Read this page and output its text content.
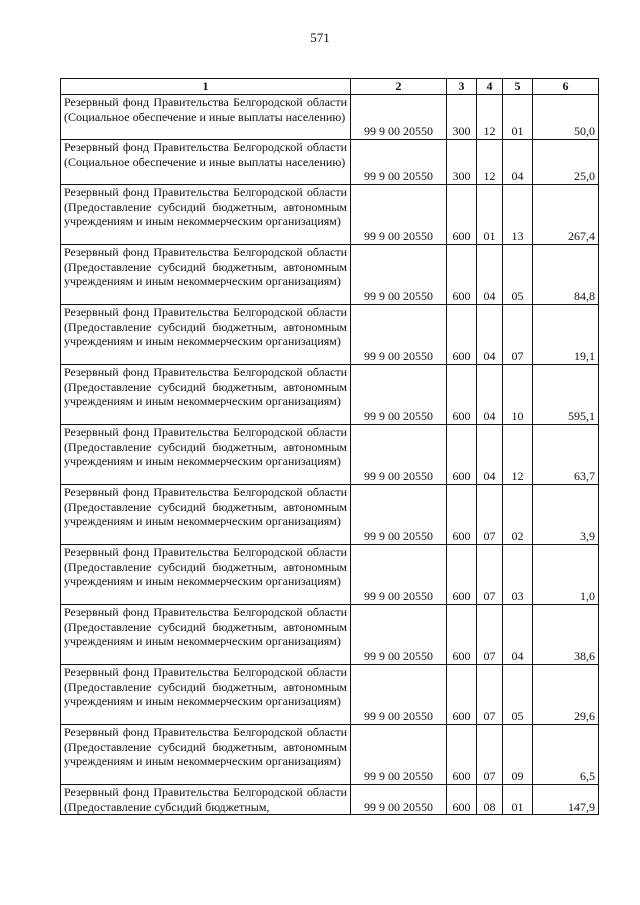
571
1	2	3	4	5	6
Резервный фонд Правительства Белгородской области (Социальное обеспечение и иные выплаты населению)	99 9 00 20550	300	12	01	50,0
Резервный фонд Правительства Белгородской области (Социальное обеспечение и иные выплаты населению)	99 9 00 20550	300	12	04	25,0
Резервный фонд Правительства Белгородской области (Предоставление субсидий бюджетным, автономным учреждениям и иным некоммерческим организациям)	99 9 00 20550	600	01	13	267,4
Резервный фонд Правительства Белгородской области (Предоставление субсидий бюджетным, автономным учреждениям и иным некоммерческим организациям)	99 9 00 20550	600	04	05	84,8
Резервный фонд Правительства Белгородской области (Предоставление субсидий бюджетным, автономным учреждениям и иным некоммерческим организациям)	99 9 00 20550	600	04	07	19,1
Резервный фонд Правительства Белгородской области (Предоставление субсидий бюджетным, автономным учреждениям и иным некоммерческим организациям)	99 9 00 20550	600	04	10	595,1
Резервный фонд Правительства Белгородской области (Предоставление субсидий бюджетным, автономным учреждениям и иным некоммерческим организациям)	99 9 00 20550	600	04	12	63,7
Резервный фонд Правительства Белгородской области (Предоставление субсидий бюджетным, автономным учреждениям и иным некоммерческим организациям)	99 9 00 20550	600	07	02	3,9
Резервный фонд Правительства Белгородской области (Предоставление субсидий бюджетным, автономным учреждениям и иным некоммерческим организациям)	99 9 00 20550	600	07	03	1,0
Резервный фонд Правительства Белгородской области (Предоставление субсидий бюджетным, автономным учреждениям и иным некоммерческим организациям)	99 9 00 20550	600	07	04	38,6
Резервный фонд Правительства Белгородской области (Предоставление субсидий бюджетным, автономным учреждениям и иным некоммерческим организациям)	99 9 00 20550	600	07	05	29,6
Резервный фонд Правительства Белгородской области (Предоставление субсидий бюджетным, автономным учреждениям и иным некоммерческим организациям)	99 9 00 20550	600	07	09	6,5
Резервный фонд Правительства Белгородской области (Предоставление субсидий бюджетным,	99 9 00 20550	600	08	01	147,9
